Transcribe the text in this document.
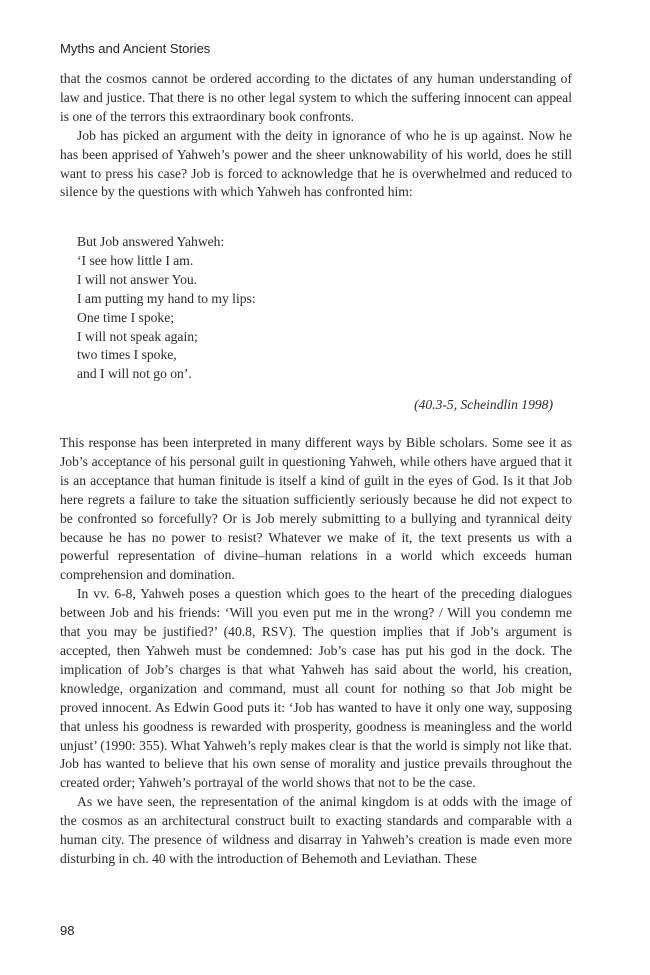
Myths and Ancient Stories

that the cosmos cannot be ordered according to the dictates of any human understanding of law and justice. That there is no other legal system to which the suffering innocent can appeal is one of the terrors this extraordinary book confronts.

Job has picked an argument with the deity in ignorance of who he is up against. Now he has been apprised of Yahweh’s power and the sheer unknowability of his world, does he still want to press his case? Job is forced to acknowledge that he is overwhelmed and reduced to silence by the questions with which Yahweh has confronted him:

But Job answered Yahweh:
‘I see how little I am.
I will not answer You.
I am putting my hand to my lips:
One time I spoke;
I will not speak again;
two times I spoke,
and I will not go on’.
(40.3-5, Scheindlin 1998)

This response has been interpreted in many different ways by Bible scholars. Some see it as Job’s acceptance of his personal guilt in questioning Yahweh, while others have argued that it is an acceptance that human finitude is itself a kind of guilt in the eyes of God. Is it that Job here regrets a failure to take the situation sufficiently seriously because he did not expect to be confronted so forcefully? Or is Job merely submitting to a bullying and tyrannical deity because he has no power to resist? Whatever we make of it, the text presents us with a powerful representation of divine–human relations in a world which exceeds human comprehension and domination.

In vv. 6-8, Yahweh poses a question which goes to the heart of the preceding dialogues between Job and his friends: ‘Will you even put me in the wrong? / Will you condemn me that you may be justified?’ (40.8, RSV). The question implies that if Job’s argument is accepted, then Yahweh must be condemned: Job’s case has put his god in the dock. The implication of Job’s charges is that what Yahweh has said about the world, his creation, knowledge, organization and command, must all count for nothing so that Job might be proved innocent. As Edwin Good puts it: ‘Job has wanted to have it only one way, supposing that unless his goodness is rewarded with prosperity, goodness is meaningless and the world unjust’ (1990: 355). What Yahweh’s reply makes clear is that the world is simply not like that. Job has wanted to believe that his own sense of morality and justice prevails throughout the created order; Yahweh’s portrayal of the world shows that not to be the case.

As we have seen, the representation of the animal kingdom is at odds with the image of the cosmos as an architectural construct built to exacting standards and comparable with a human city. The presence of wildness and disarray in Yahweh’s creation is made even more disturbing in ch. 40 with the introduction of Behemoth and Leviathan. These

98
